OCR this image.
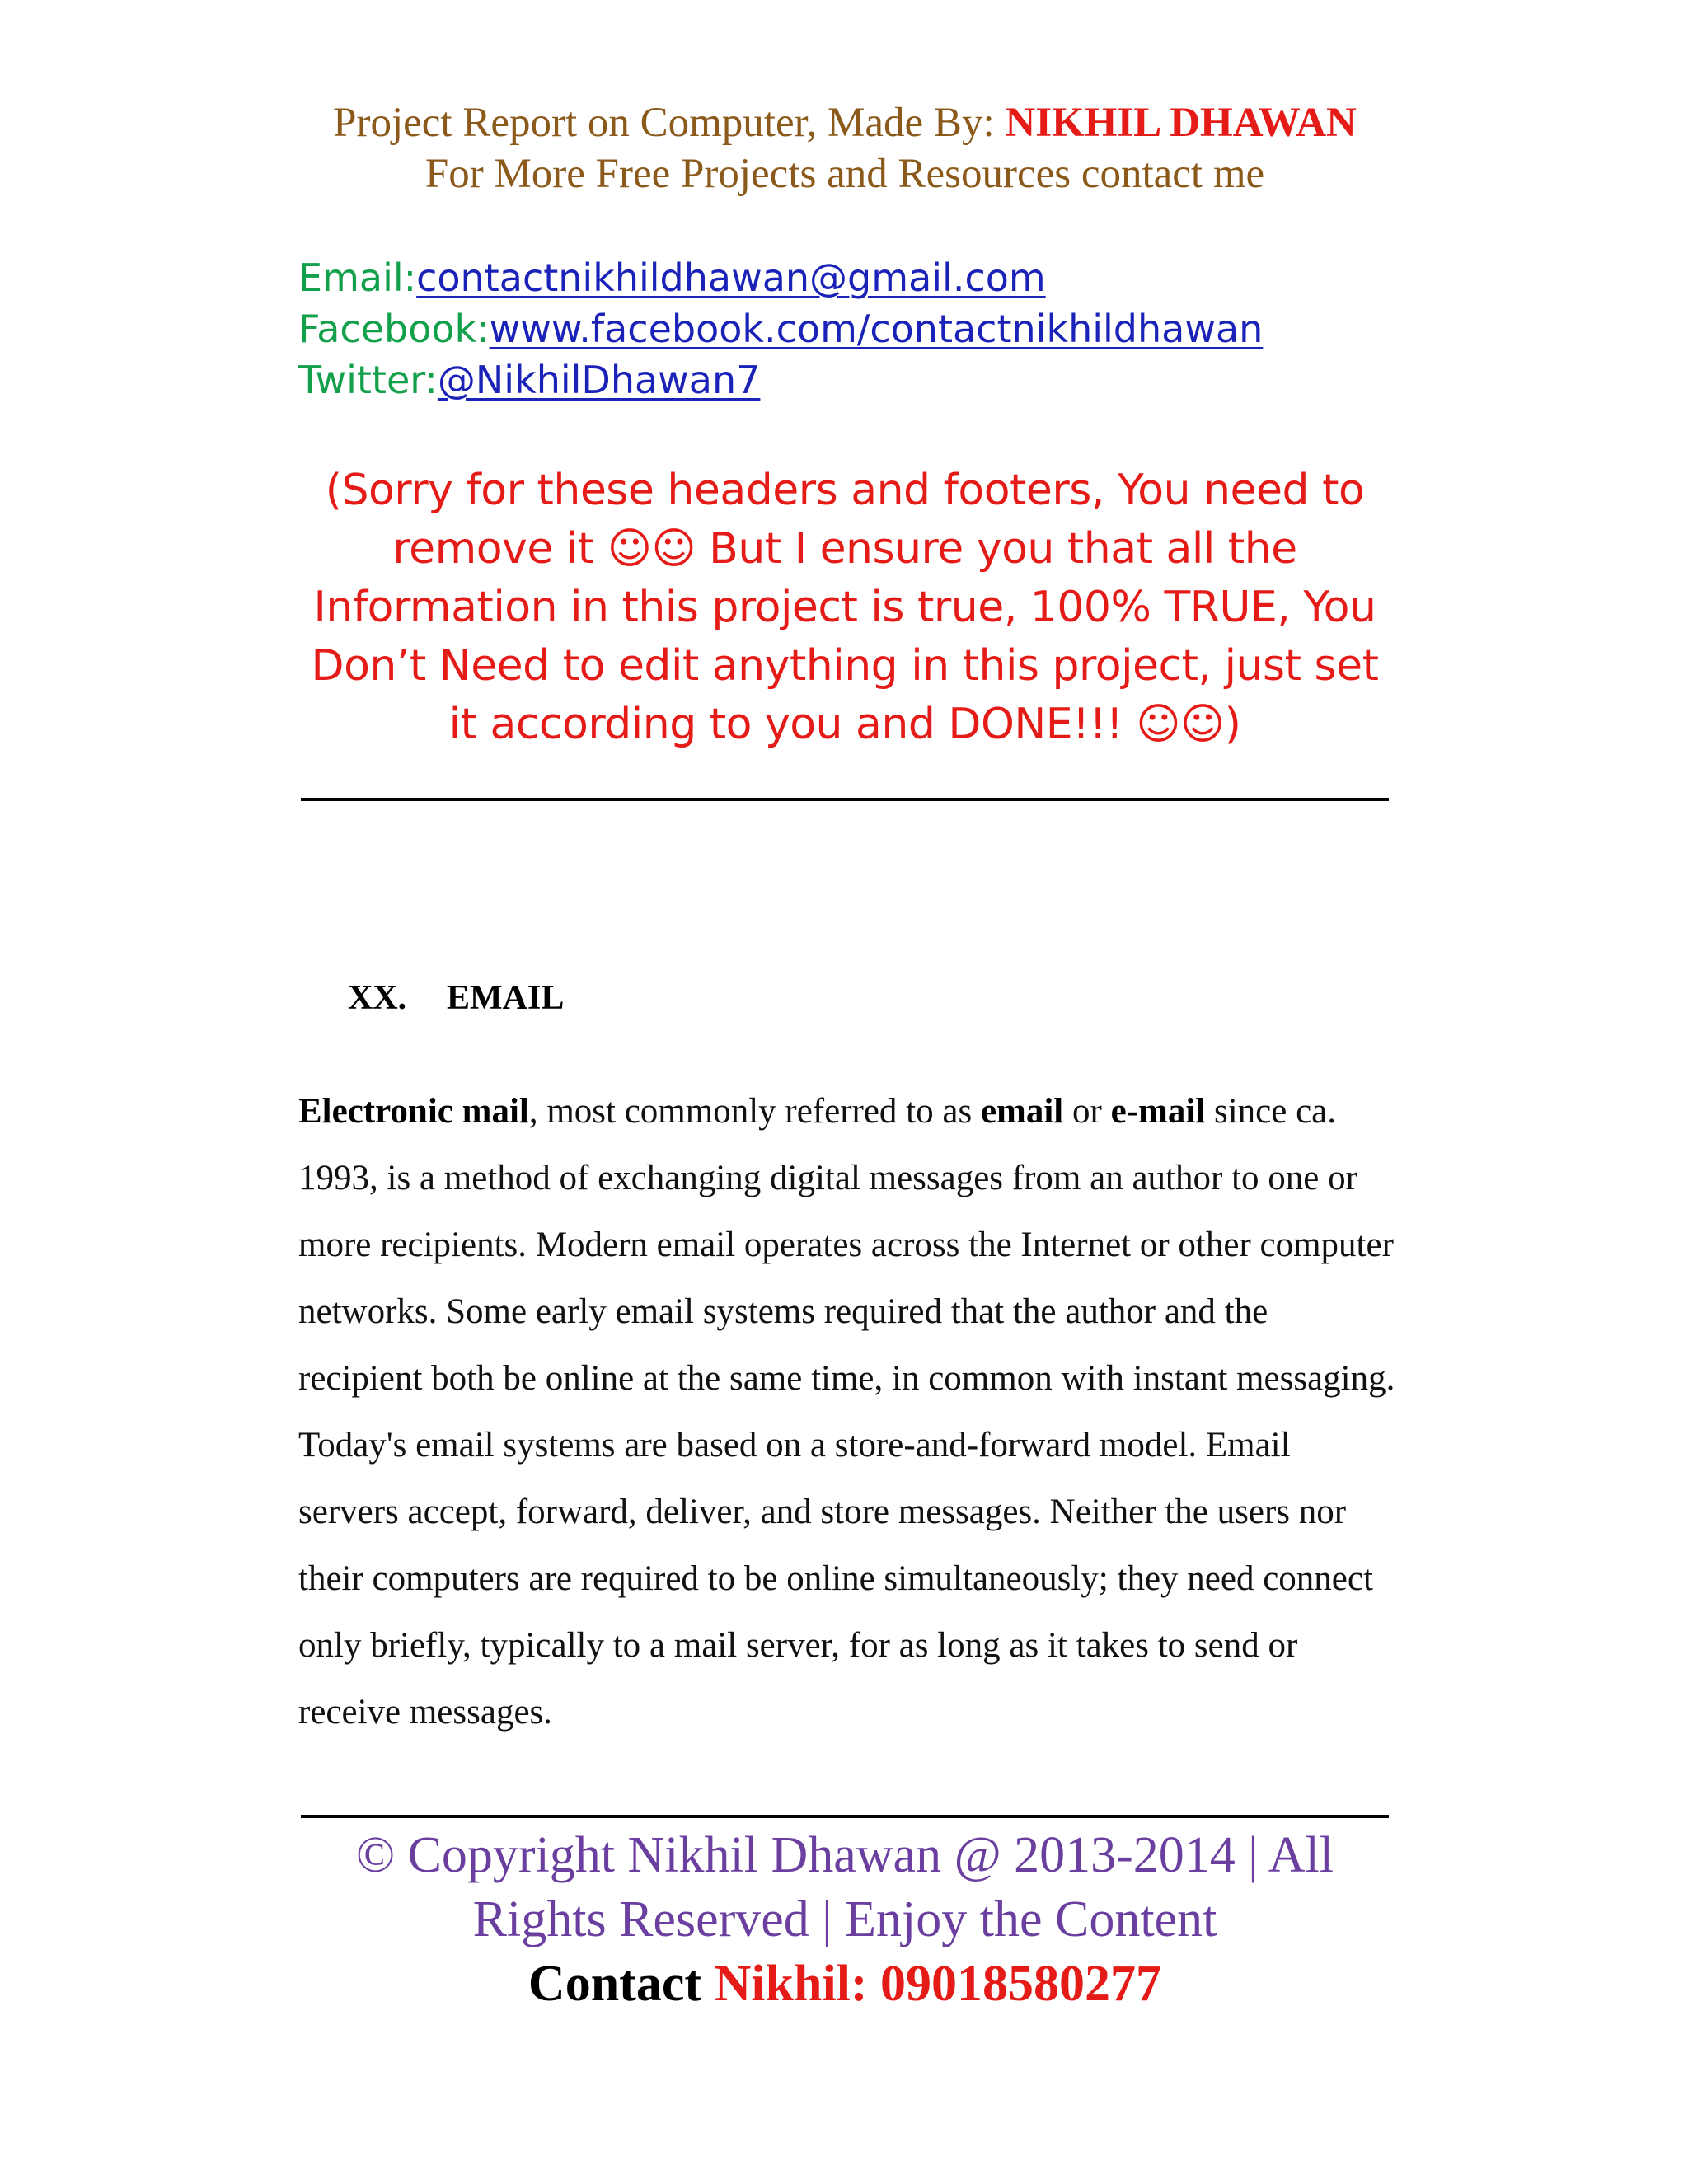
Project Report on Computer, Made By: NIKHIL DHAWAN
For More Free Projects and Resources contact me
Email:contactnikhildhawan@gmail.com
Facebook:www.facebook.com/contactnikhildhawan
Twitter:@NikhilDhawan7
(Sorry for these headers and footers, You need to
remove it ☺☺ But I ensure you that all the
Information in this project is true, 100% TRUE, You
Don’t Need to edit anything in this project, just set
it according to you and DONE!!! ☺☺)
XX. EMAIL
Electronic mail, most commonly referred to as email or e-mail since ca. 1993, is a method of exchanging digital messages from an author to one or more recipients. Modern email operates across the Internet or other computer networks. Some early email systems required that the author and the recipient both be online at the same time, in common with instant messaging. Today's email systems are based on a store-and-forward model. Email servers accept, forward, deliver, and store messages. Neither the users nor their computers are required to be online simultaneously; they need connect only briefly, typically to a mail server, for as long as it takes to send or receive messages.
© Copyright Nikhil Dhawan @ 2013-2014 | All
Rights Reserved | Enjoy the Content
Contact Nikhil: 09018580277
